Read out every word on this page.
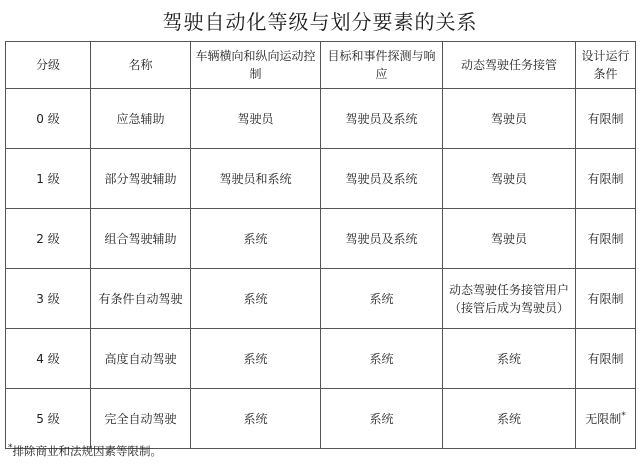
驾驶自动化等级与划分要素的关系
分级	名称	车辆横向和纵向运动控制	目标和事件探测与响应	动态驾驶任务接管	设计运行条件
0 级	应急辅助	驾驶员	驾驶员及系统	驾驶员	有限制
1 级	部分驾驶辅助	驾驶员和系统	驾驶员及系统	驾驶员	有限制
2 级	组合驾驶辅助	系统	驾驶员及系统	驾驶员	有限制
3 级	有条件自动驾驶	系统	系统	动态驾驶任务接管用户（接管后成为驾驶员）	有限制
4 级	高度自动驾驶	系统	系统	系统	有限制
5 级	完全自动驾驶	系统	系统	系统	无限制*
*排除商业和法规因素等限制。
